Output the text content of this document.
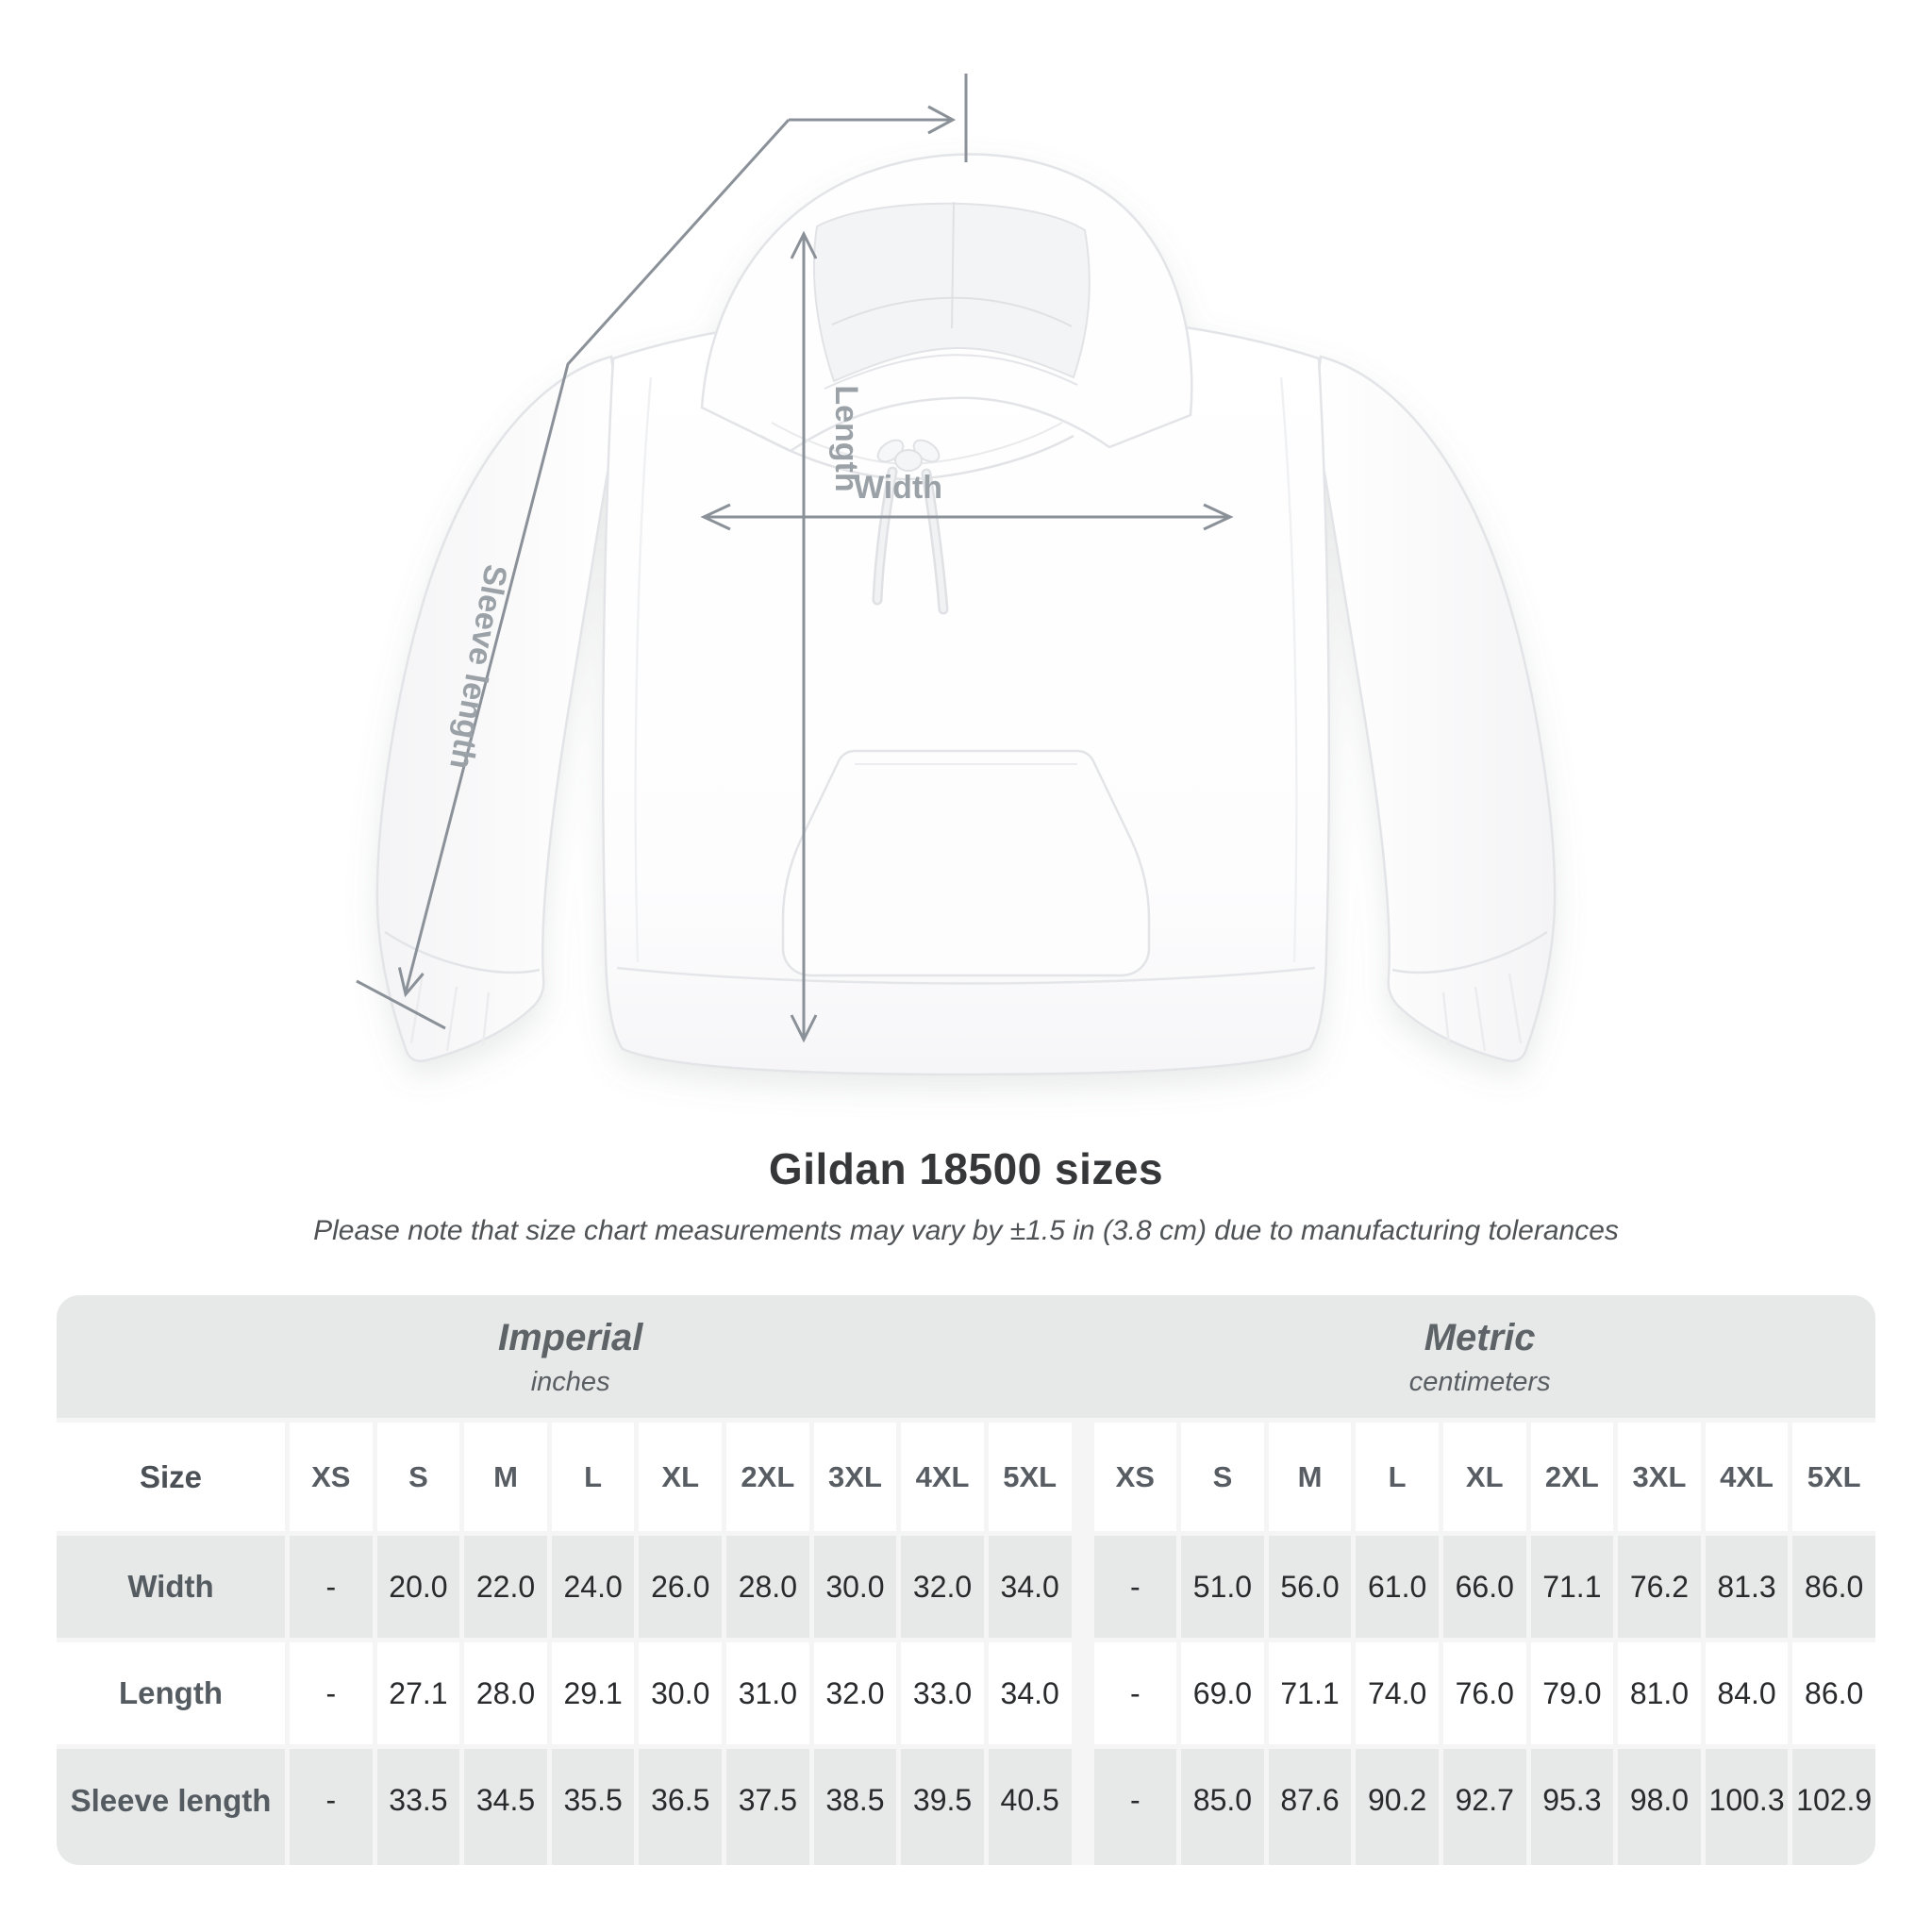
Sleeve length
Length
Width
Gildan 18500 sizes
Please note that size chart measurements may vary by ±1.5 in (3.8 cm) due to manufacturing tolerances
Imperial
inches
Metric
centimeters
Size	XS S M L XL 2XL 3XL 4XL 5XL XS S M L XL 2XL 3XL 4XL 5XL
Width	- 20.0 22.0 24.0 26.0 28.0 30.0 32.0 34.0 - 51.0 56.0 61.0 66.0 71.1 76.2 81.3 86.0
Length	- 27.1 28.0 29.1 30.0 31.0 32.0 33.0 34.0 - 69.0 71.1 74.0 76.0 79.0 81.0 84.0 86.0
Sleeve length - 33.5 34.5 35.5 36.5 37.5 38.5 39.5 40.5 - 85.0 87.6 90.2 92.7 95.3 98.0 100.3 102.9
